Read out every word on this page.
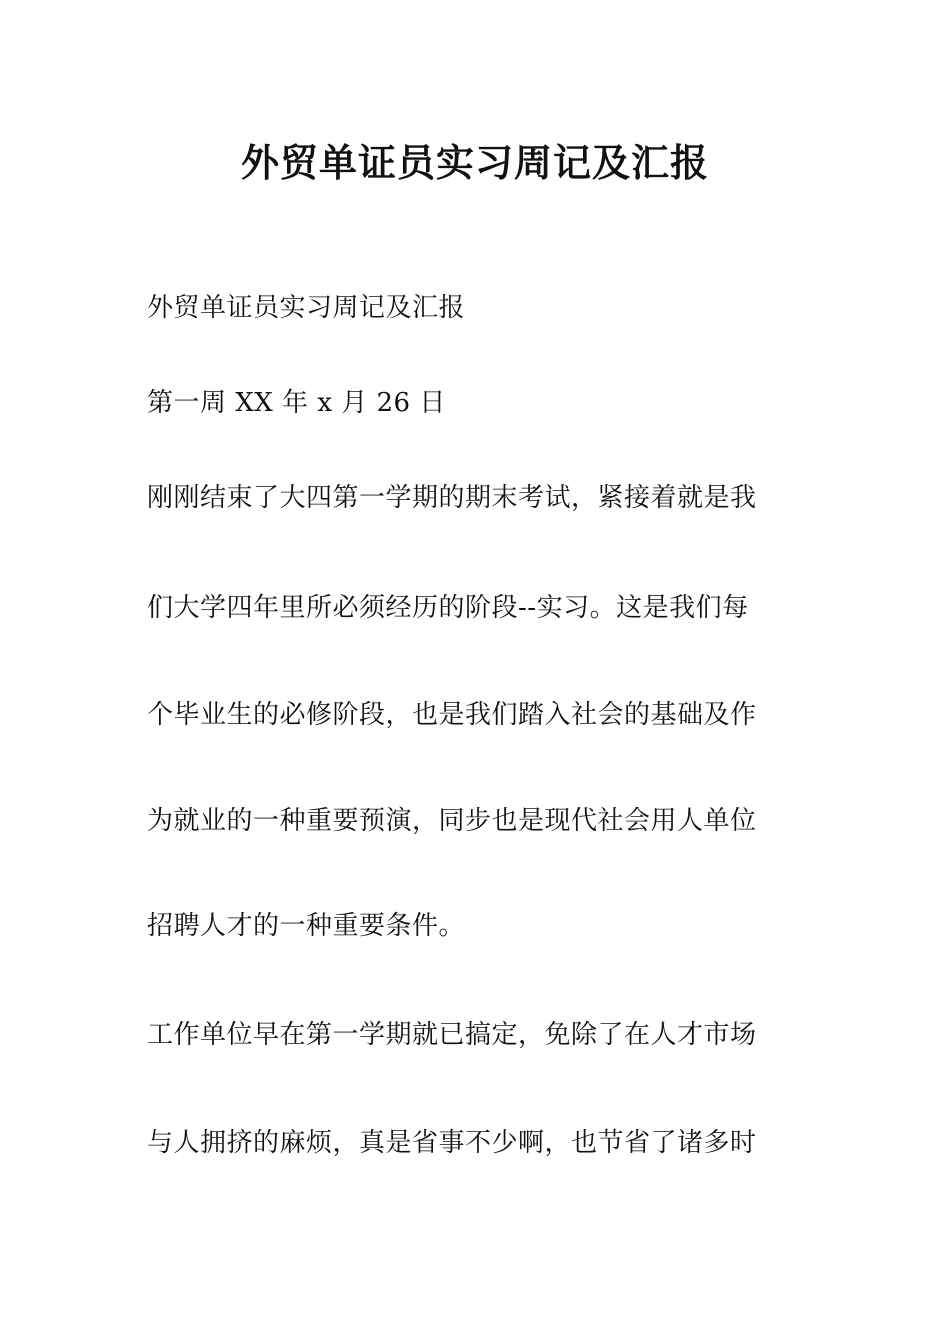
外贸单证员实习周记及汇报

外贸单证员实习周记及汇报

第一周 XX 年 x 月 26 日

刚刚结束了大四第一学期的期末考试，紧接着就是我

们大学四年里所必须经历的阶段--实习。这是我们每

个毕业生的必修阶段，也是我们踏入社会的基础及作

为就业的一种重要预演，同步也是现代社会用人单位

招聘人才的一种重要条件。

工作单位早在第一学期就已搞定，免除了在人才市场

与人拥挤的麻烦，真是省事不少啊，也节省了诸多时
